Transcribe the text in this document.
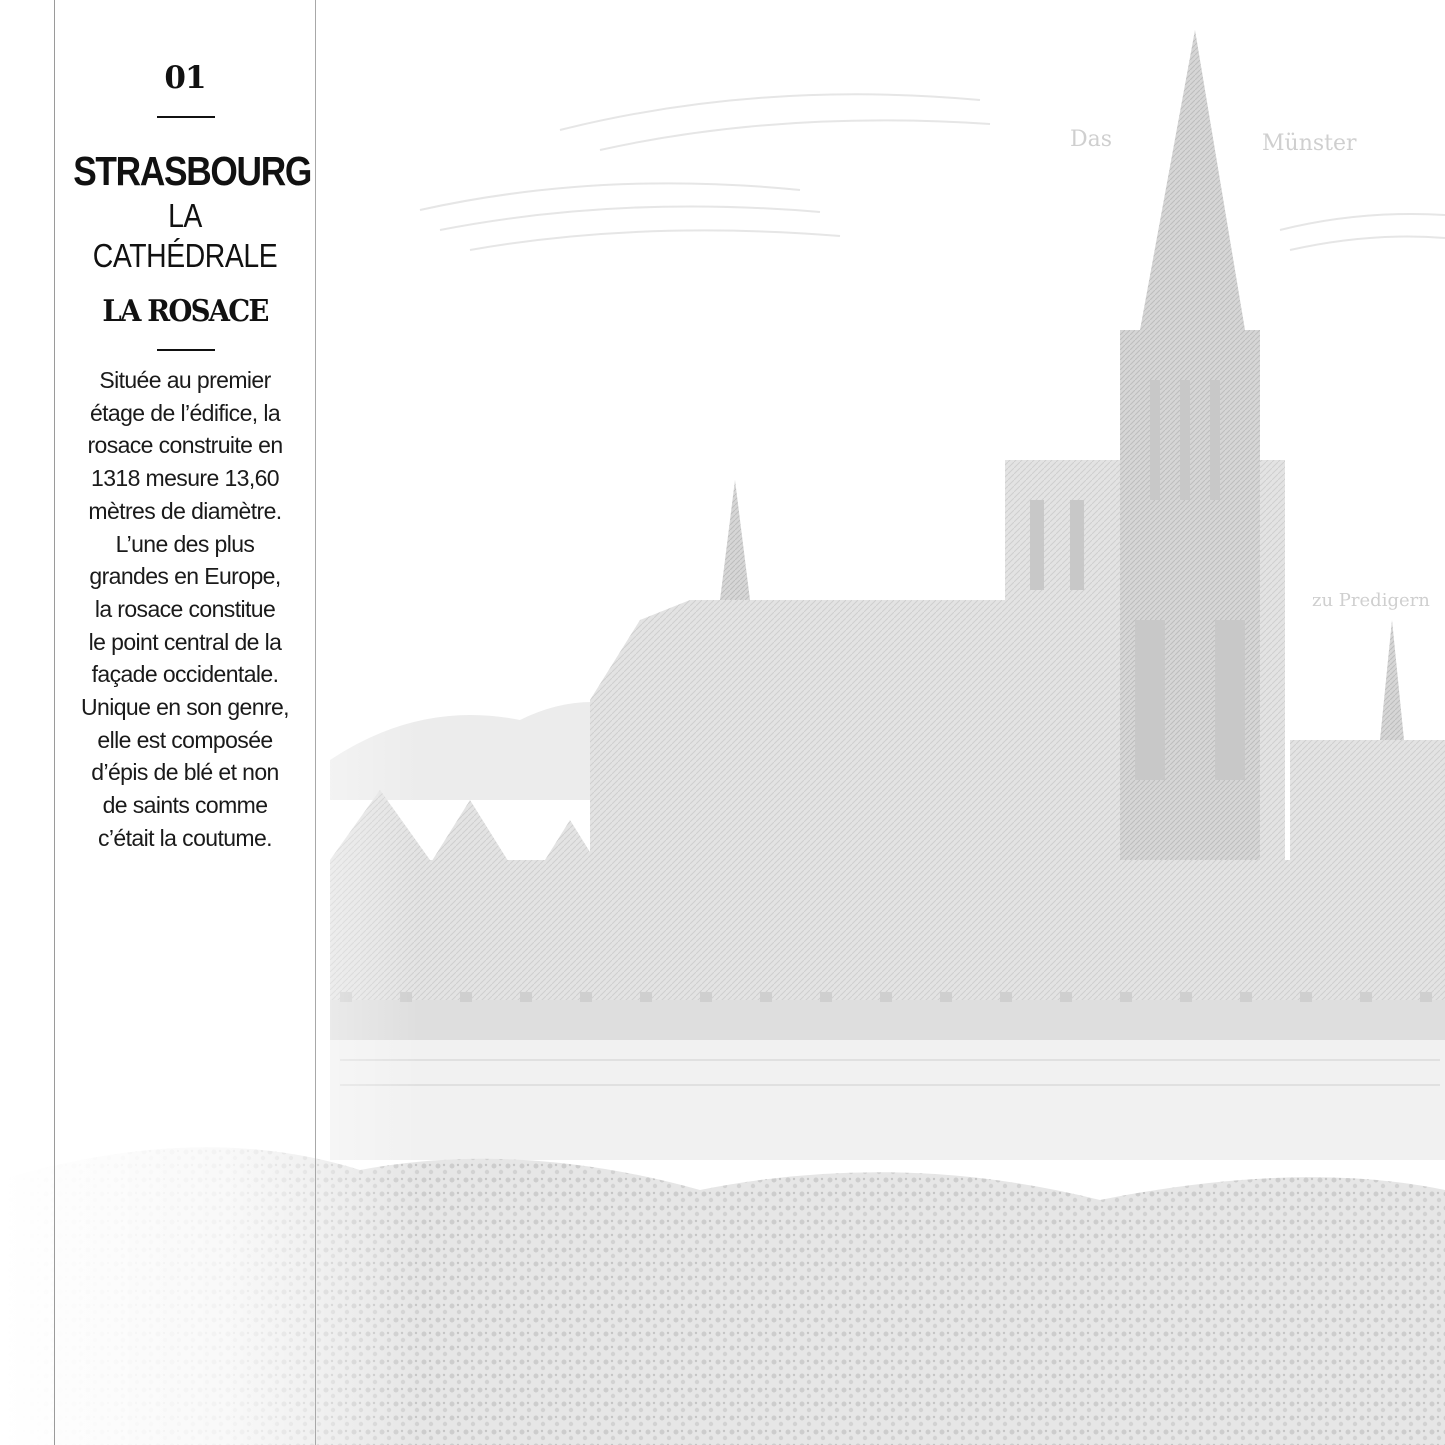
Das	Münster
zu Predigern
01
STRASBOURG
LA CATHÉDRALE
LA ROSACE
Située au premier
étage de l’édifice, la
rosace construite en
1318 mesure 13,60
mètres de diamètre.
L’une des plus
grandes en Europe,
la rosace constitue
le point central de la
façade occidentale.
Unique en son genre,
elle est composée
d’épis de blé et non
de saints comme
c’était la coutume.
